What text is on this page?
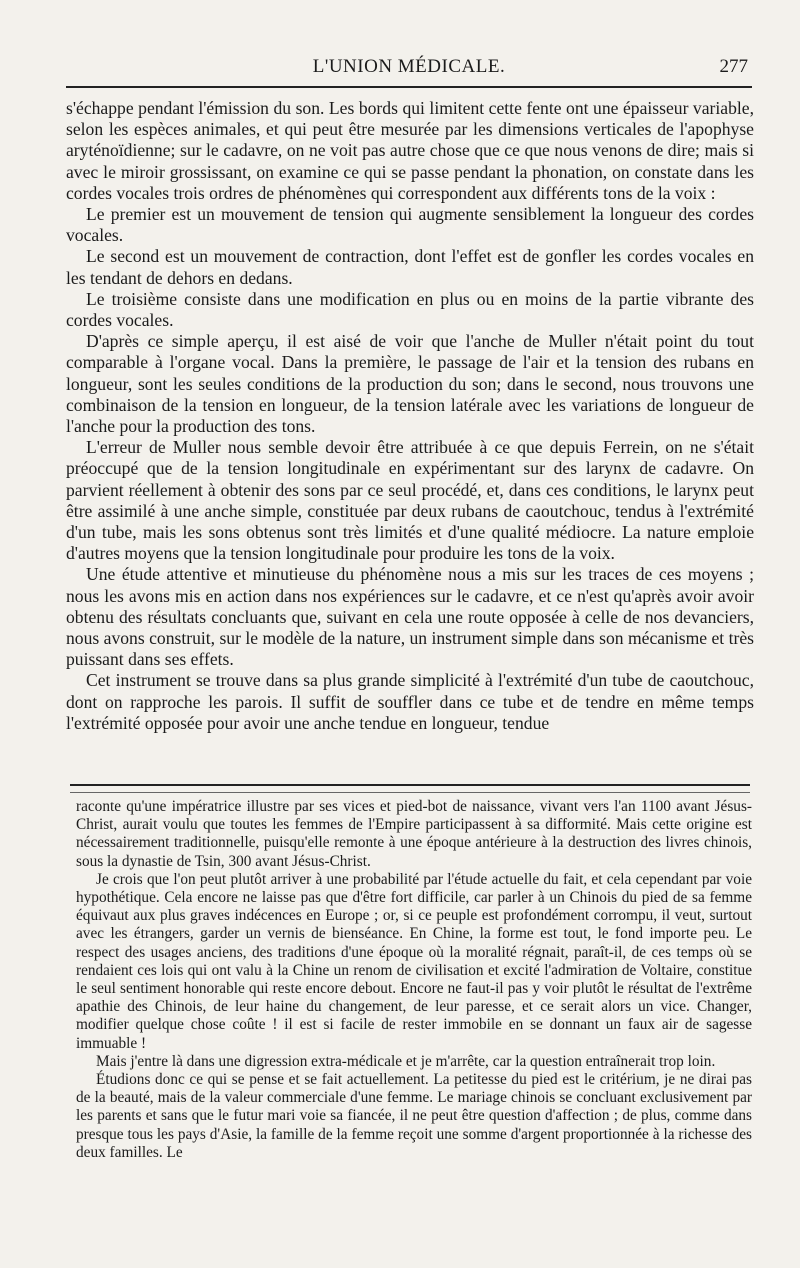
L'UNION MÉDICALE.	277

s'échappe pendant l'émission du son. Les bords qui limitent cette fente ont une épaisseur variable, selon les espèces animales, et qui peut être mesurée par les dimensions verticales de l'apophyse aryténoïdienne; sur le cadavre, on ne voit pas autre chose que ce que nous venons de dire; mais si avec le miroir grossissant, on examine ce qui se passe pendant la phonation, on constate dans les cordes vocales trois ordres de phénomènes qui correspondent aux différents tons de la voix :

Le premier est un mouvement de tension qui augmente sensiblement la longueur des cordes vocales.

Le second est un mouvement de contraction, dont l'effet est de gonfler les cordes vocales en les tendant de dehors en dedans.

Le troisième consiste dans une modification en plus ou en moins de la partie vibrante des cordes vocales.

D'après ce simple aperçu, il est aisé de voir que l'anche de Muller n'était point du tout comparable à l'organe vocal. Dans la première, le passage de l'air et la tension des rubans en longueur, sont les seules conditions de la production du son; dans le second, nous trouvons une combinaison de la tension en longueur, de la tension latérale avec les variations de longueur de l'anche pour la production des tons.

L'erreur de Muller nous semble devoir être attribuée à ce que depuis Ferrein, on ne s'était préoccupé que de la tension longitudinale en expérimentant sur des larynx de cadavre. On parvient réellement à obtenir des sons par ce seul procédé, et, dans ces conditions, le larynx peut être assimilé à une anche simple, constituée par deux rubans de caoutchouc, tendus à l'extrémité d'un tube, mais les sons obtenus sont très limités et d'une qualité médiocre. La nature emploie d'autres moyens que la tension longitudinale pour produire les tons de la voix.

Une étude attentive et minutieuse du phénomène nous a mis sur les traces de ces moyens ; nous les avons mis en action dans nos expériences sur le cadavre, et ce n'est qu'après avoir avoir obtenu des résultats concluants que, suivant en cela une route opposée à celle de nos devanciers, nous avons construit, sur le modèle de la nature, un instrument simple dans son mécanisme et très puissant dans ses effets.

Cet instrument se trouve dans sa plus grande simplicité à l'extrémité d'un tube de caoutchouc, dont on rapproche les parois. Il suffit de souffler dans ce tube et de tendre en même temps l'extrémité opposée pour avoir une anche tendue en longueur, tendue

raconte qu'une impératrice illustre par ses vices et pied-bot de naissance, vivant vers l'an 1100 avant Jésus-Christ, aurait voulu que toutes les femmes de l'Empire participassent à sa difformité. Mais cette origine est nécessairement traditionnelle, puisqu'elle remonte à une époque antérieure à la destruction des livres chinois, sous la dynastie de Tsin, 300 avant Jésus-Christ.

Je crois que l'on peut plutôt arriver à une probabilité par l'étude actuelle du fait, et cela cependant par voie hypothétique. Cela encore ne laisse pas que d'être fort difficile, car parler à un Chinois du pied de sa femme équivaut aux plus graves indécences en Europe ; or, si ce peuple est profondément corrompu, il veut, surtout avec les étrangers, garder un vernis de bienséance. En Chine, la forme est tout, le fond importe peu. Le respect des usages anciens, des traditions d'une époque où la moralité régnait, paraît-il, de ces temps où se rendaient ces lois qui ont valu à la Chine un renom de civilisation et excité l'admiration de Voltaire, constitue le seul sentiment honorable qui reste encore debout. Encore ne faut-il pas y voir plutôt le résultat de l'extrême apathie des Chinois, de leur haine du changement, de leur paresse, et ce serait alors un vice. Changer, modifier quelque chose coûte ! il est si facile de rester immobile en se donnant un faux air de sagesse immuable !

Mais j'entre là dans une digression extra-médicale et je m'arrête, car la question entraînerait trop loin.

Étudions donc ce qui se pense et se fait actuellement. La petitesse du pied est le critérium, je ne dirai pas de la beauté, mais de la valeur commerciale d'une femme. Le mariage chinois se concluant exclusivement par les parents et sans que le futur mari voie sa fiancée, il ne peut être question d'affection ; de plus, comme dans presque tous les pays d'Asie, la famille de la femme reçoit une somme d'argent proportionnée à la richesse des deux familles. Le
